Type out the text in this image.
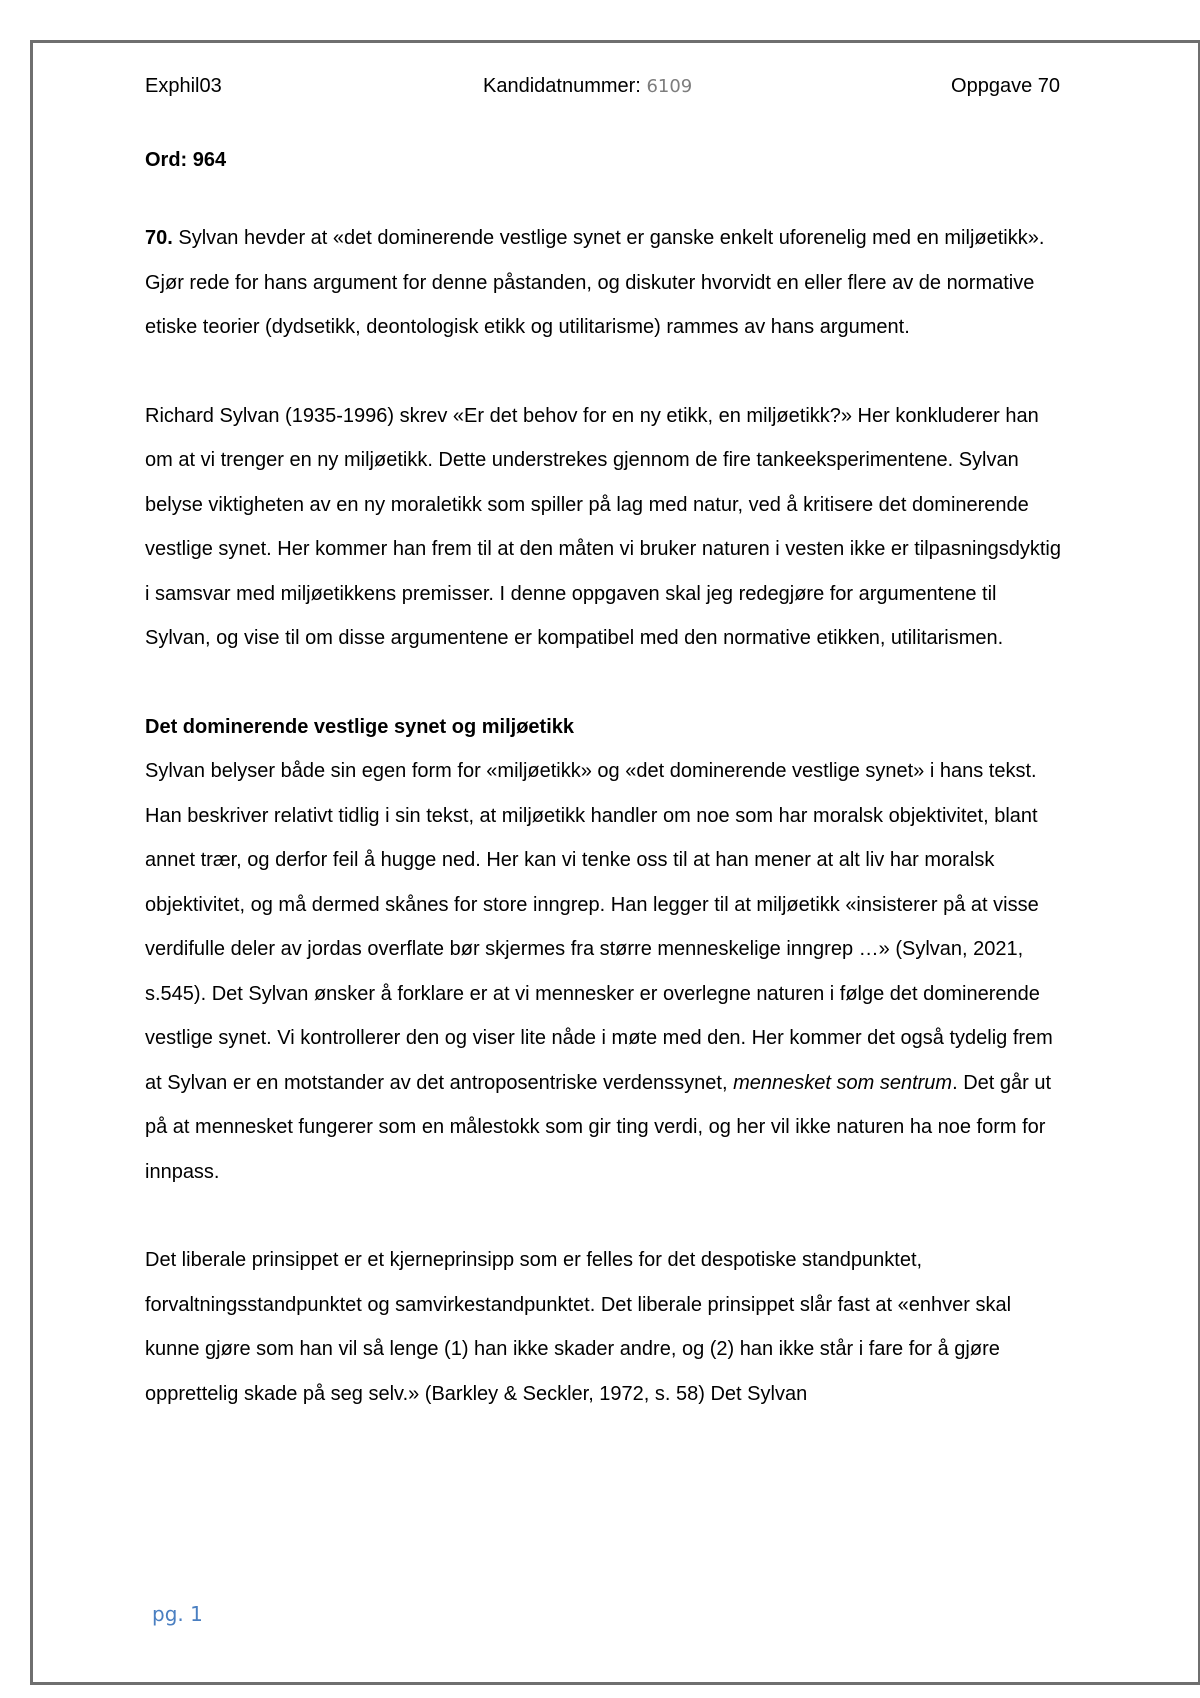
Exphil03	Kandidatnummer: 6109	Oppgave 70
Ord: 964

70. Sylvan hevder at «det dominerende vestlige synet er ganske enkelt uforenelig med en miljøetikk». Gjør rede for hans argument for denne påstanden, og diskuter hvorvidt en eller flere av de normative etiske teorier (dydsetikk, deontologisk etikk og utilitarisme) rammes av hans argument.

Richard Sylvan (1935-1996) skrev «Er det behov for en ny etikk, en miljøetikk?» Her konkluderer han om at vi trenger en ny miljøetikk. Dette understrekes gjennom de fire tankeeksperimentene. Sylvan belyse viktigheten av en ny moraletikk som spiller på lag med natur, ved å kritisere det dominerende vestlige synet. Her kommer han frem til at den måten vi bruker naturen i vesten ikke er tilpasningsdyktig i samsvar med miljøetikkens premisser. I denne oppgaven skal jeg redegjøre for argumentene til Sylvan, og vise til om disse argumentene er kompatibel med den normative etikken, utilitarismen.

Det dominerende vestlige synet og miljøetikk

Sylvan belyser både sin egen form for «miljøetikk» og «det dominerende vestlige synet» i hans tekst. Han beskriver relativt tidlig i sin tekst, at miljøetikk handler om noe som har moralsk objektivitet, blant annet trær, og derfor feil å hugge ned. Her kan vi tenke oss til at han mener at alt liv har moralsk objektivitet, og må dermed skånes for store inngrep. Han legger til at miljøetikk «insisterer på at visse verdifulle deler av jordas overflate bør skjermes fra større menneskelige inngrep …» (Sylvan, 2021, s.545). Det Sylvan ønsker å forklare er at vi mennesker er overlegne naturen i følge det dominerende vestlige synet. Vi kontrollerer den og viser lite nåde i møte med den. Her kommer det også tydelig frem at Sylvan er en motstander av det antroposentriske verdenssynet, mennesket som sentrum. Det går ut på at mennesket fungerer som en målestokk som gir ting verdi, og her vil ikke naturen ha noe form for innpass.

Det liberale prinsippet er et kjerneprinsipp som er felles for det despotiske standpunktet, forvaltningsstandpunktet og samvirkestandpunktet. Det liberale prinsippet slår fast at «enhver skal kunne gjøre som han vil så lenge (1) han ikke skader andre, og (2) han ikke står i fare for å gjøre opprettelig skade på seg selv.» (Barkley & Seckler, 1972, s. 58) Det Sylvan

pg. 1
